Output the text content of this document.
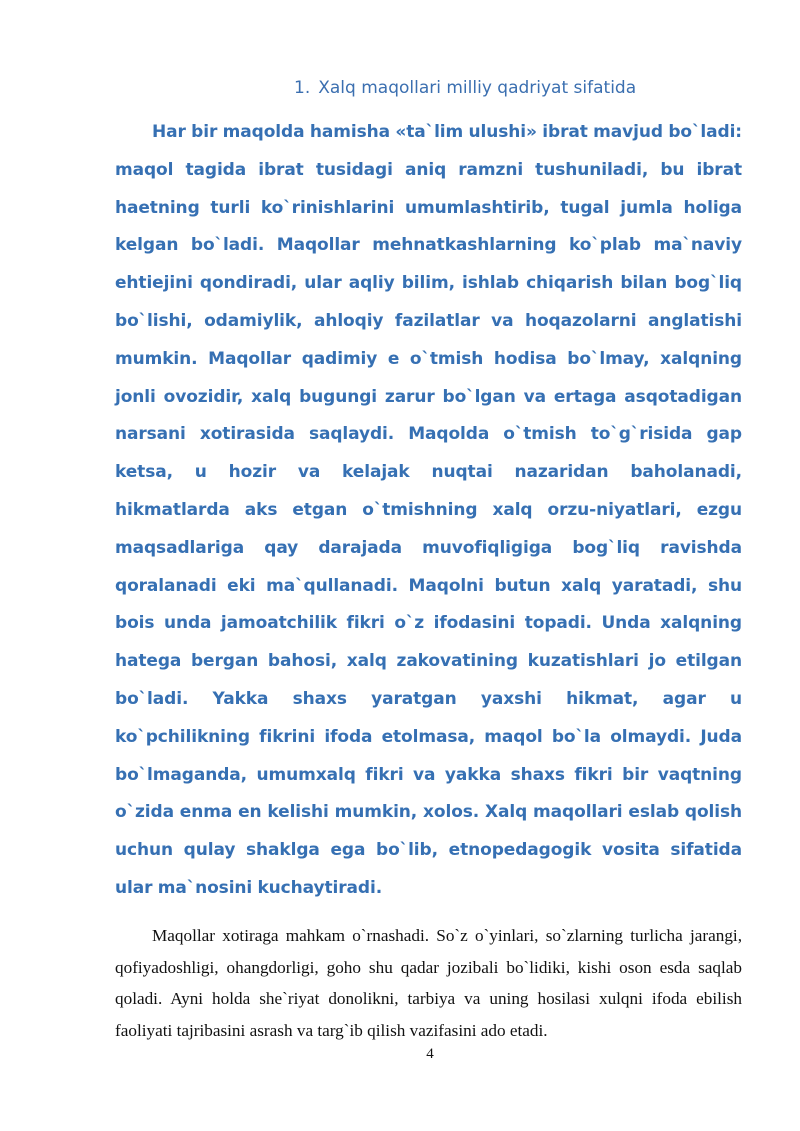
1. Xalq maqollari milliy qadriyat sifatida

Har bir maqolda hamisha «ta`lim ulushi» ibrat mavjud bo`ladi: maqol tagida ibrat tusidagi aniq ramzni tushuniladi, bu ibrat haetning turli ko`rinishlarini umumlashtirib, tugal jumla holiga kelgan bo`ladi. Maqollar mehnatkashlarning ko`plab ma`naviy ehtiejini qondiradi, ular aqliy bilim, ishlab chiqarish bilan bog`liq bo`lishi, odamiylik, ahloqiy fazilatlar va hoqazolarni anglatishi mumkin. Maqollar qadimiy e o`tmish hodisa bo`lmay, xalqning jonli ovozidir, xalq bugungi zarur bo`lgan va ertaga asqotadigan narsani xotirasida saqlaydi. Maqolda o`tmish to`g`risida gap ketsa, u hozir va kelajak nuqtai nazaridan baholanadi, hikmatlarda aks etgan o`tmishning xalq orzu-niyatlari, ezgu maqsadlariga qay darajada muvofiqligiga bog`liq ravishda qoralanadi eki ma`qullanadi. Maqolni butun xalq yaratadi, shu bois unda jamoatchilik fikri o`z ifodasini topadi. Unda xalqning hatega bergan bahosi, xalq zakovatining kuzatishlari jo etilgan bo`ladi. Yakka shaxs yaratgan yaxshi hikmat, agar u ko`pchilikning fikrini ifoda etolmasa, maqol bo`la olmaydi. Juda bo`lmaganda, umumxalq fikri va yakka shaxs fikri bir vaqtning o`zida enma en kelishi mumkin, xolos. Xalq maqollari eslab qolish uchun qulay shaklga ega bo`lib, etnopedagogik vosita sifatida ular ma`nosini kuchaytiradi.

Maqollar xotiraga mahkam o`rnashadi. So`z o`yinlari, so`zlarning turlicha jarangi, qofiyadoshligi, ohangdorligi, goho shu qadar jozibali bo`lidiki, kishi oson esda saqlab qoladi. Ayni holda she`riyat donolikni, tarbiya va uning hosilasi xulqni ifoda ebilish faoliyati tajribasini asrash va targ`ib qilish vazifasini ado etadi.

4
